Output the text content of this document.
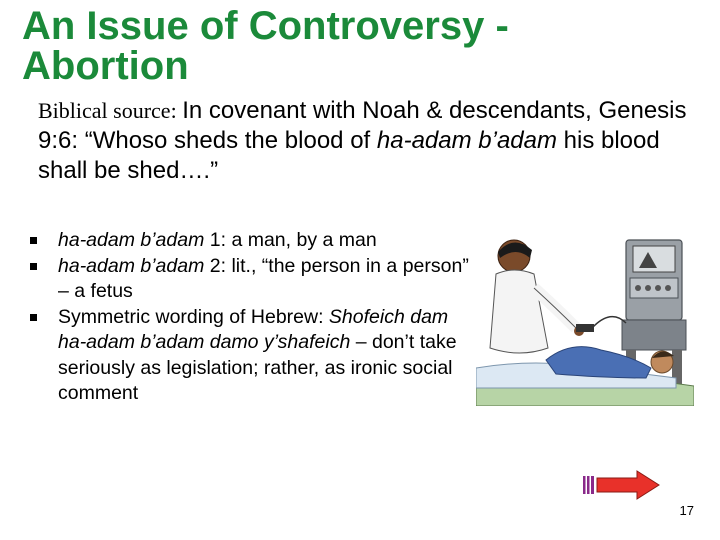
An Issue of Controversy -
Abortion
Biblical source: In covenant with Noah & descendants, Genesis 9:6: “Whoso sheds the blood of ha-adam b’adam his blood shall be shed….”
ha-adam b’adam 1: a man, by a man
ha-adam b’adam 2: lit., “the person in a person” – a fetus
Symmetric wording of Hebrew: Shofeich dam ha-adam b’adam damo y’shafeich – don’t take seriously as legislation; rather, as ironic social comment
17
